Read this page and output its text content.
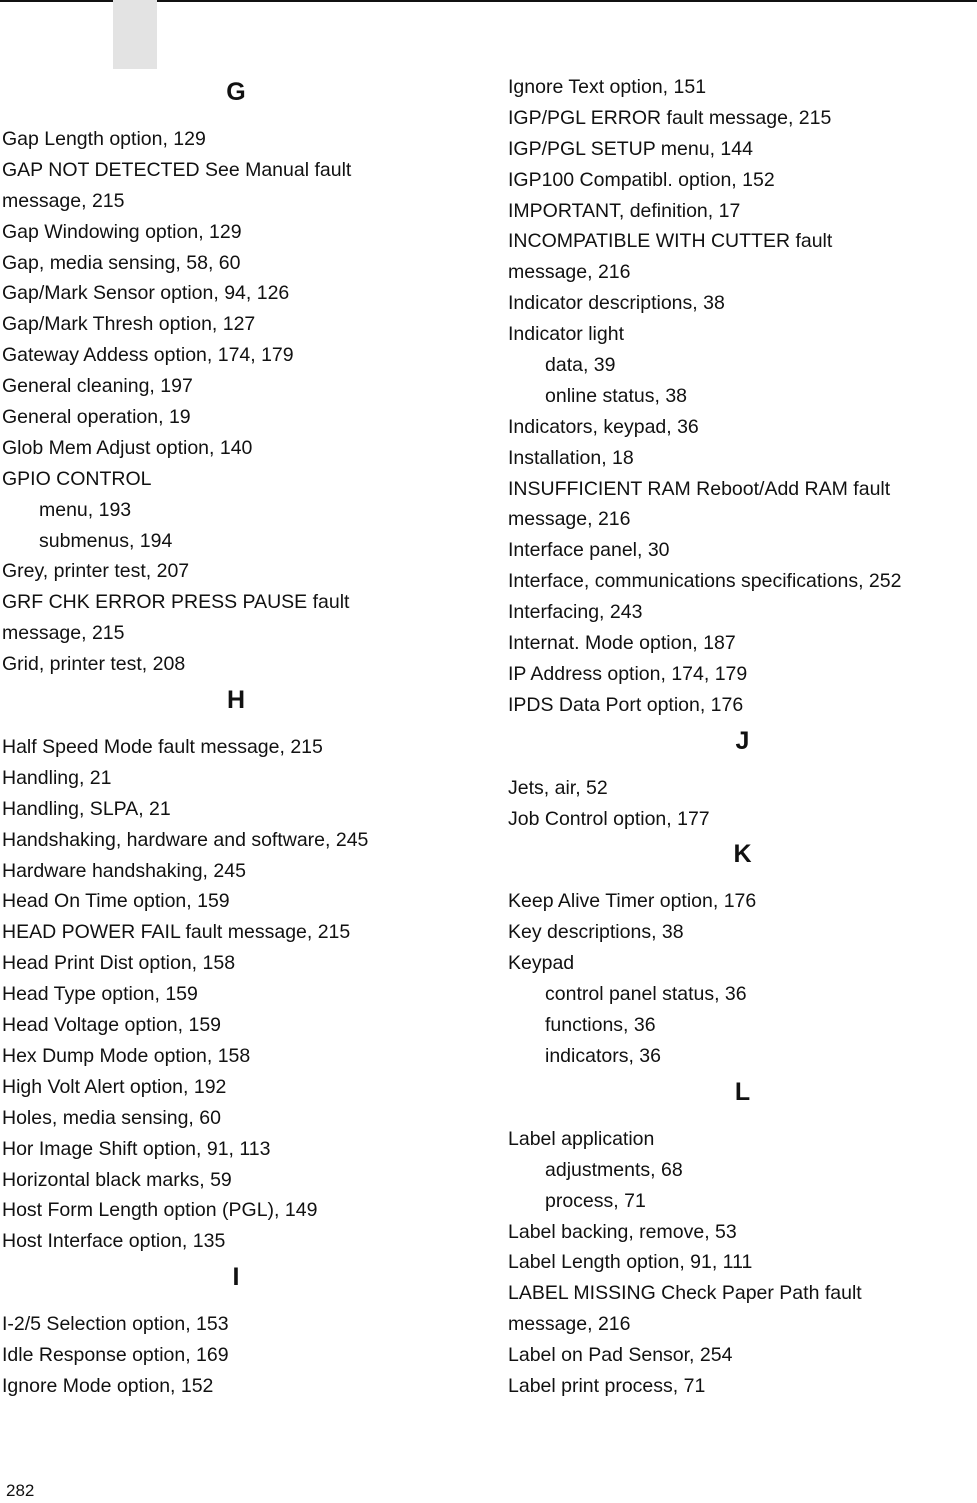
G
Gap Length option, 129
GAP NOT DETECTED See Manual fault
message, 215
Gap Windowing option, 129
Gap, media sensing, 58, 60
Gap/Mark Sensor option, 94, 126
Gap/Mark Thresh option, 127
Gateway Addess option, 174, 179
General cleaning, 197
General operation, 19
Glob Mem Adjust option, 140
GPIO CONTROL
menu, 193
submenus, 194
Grey, printer test, 207
GRF CHK ERROR PRESS PAUSE fault
message, 215
Grid, printer test, 208
H
Half Speed Mode fault message, 215
Handling, 21
Handling, SLPA, 21
Handshaking, hardware and software, 245
Hardware handshaking, 245
Head On Time option, 159
HEAD POWER FAIL fault message, 215
Head Print Dist option, 158
Head Type option, 159
Head Voltage option, 159
Hex Dump Mode option, 158
High Volt Alert option, 192
Holes, media sensing, 60
Hor Image Shift option, 91, 113
Horizontal black marks, 59
Host Form Length option (PGL), 149
Host Interface option, 135
I
I-2/5 Selection option, 153
Idle Response option, 169
Ignore Mode option, 152
Ignore Text option, 151
IGP/PGL ERROR fault message, 215
IGP/PGL SETUP menu, 144
IGP100 Compatibl. option, 152
IMPORTANT, definition, 17
INCOMPATIBLE WITH CUTTER fault
message, 216
Indicator descriptions, 38
Indicator light
data, 39
online status, 38
Indicators, keypad, 36
Installation, 18
INSUFFICIENT RAM Reboot/Add RAM fault
message, 216
Interface panel, 30
Interface, communications specifications, 252
Interfacing, 243
Internat. Mode option, 187
IP Address option, 174, 179
IPDS Data Port option, 176
J
Jets, air, 52
Job Control option, 177
K
Keep Alive Timer option, 176
Key descriptions, 38
Keypad
control panel status, 36
functions, 36
indicators, 36
L
Label application
adjustments, 68
process, 71
Label backing, remove, 53
Label Length option, 91, 111
LABEL MISSING Check Paper Path fault
message, 216
Label on Pad Sensor, 254
Label print process, 71
282
